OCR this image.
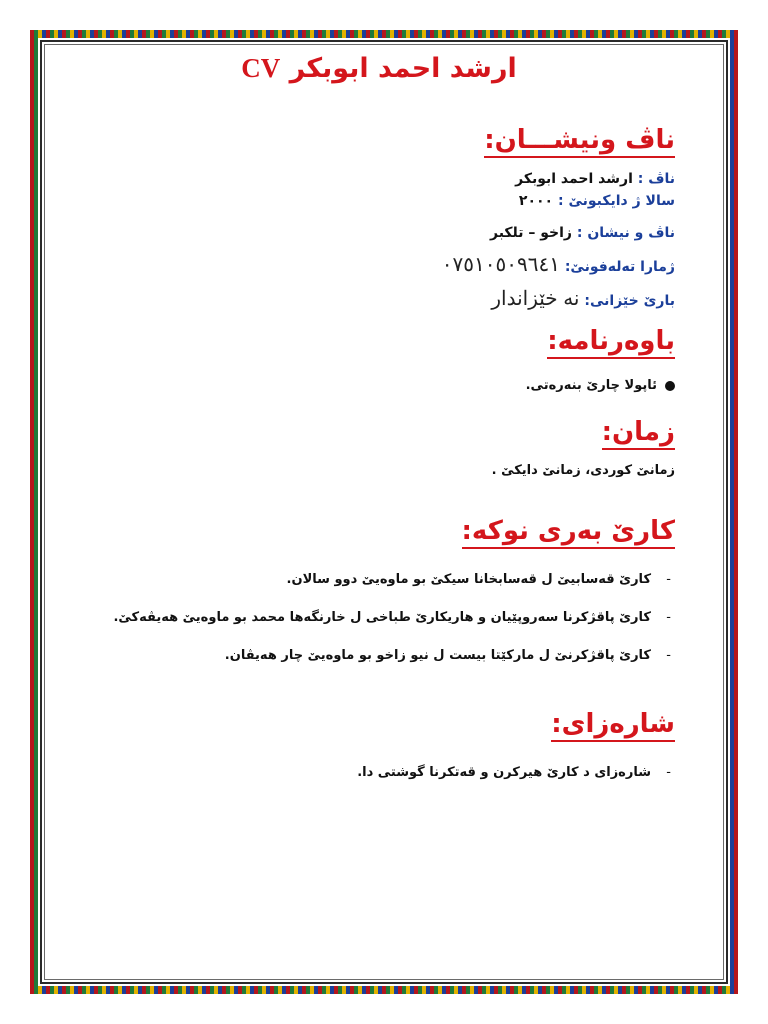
ارشد احمد ابوبكر CV
ناڤ ونیشـــان:

ناڤ : ارشد احمد ابوبكر

سالا ژ دایكبونێ : ٢٠٠٠

ناڤ و نیشان : زاخو – تلكبر

ژمارا تەلەفونێ: ٠٧٥١٠٥٠٩٦٤١

بارێ خێزانی: نه خێزاندار

باوەرنامە:
ئاپولا چارێ بنەرەتی.
زمان:

زمانێ كوردی، زمانێ دایكێ .

كارێ بەرى نوكە:
-
كارێ قەسابیێ ل قەسابخانا سیكێ بو ماوەیێ دوو سالان.
-
كارێ پاقژكرنا سەروپێیان و هاریكارێ طباخی ل خارنگەها محمد بو ماوەیێ هەیڤەكێ.
-
كارێ پاقژكرنێ ل ماركێتا بیست ل نیو زاخو بو ماوەیێ چار هەیڤان.
شارەزای:
-
شارەزای د كارێ هیركرن و قەتكرنا گوشتی دا.
